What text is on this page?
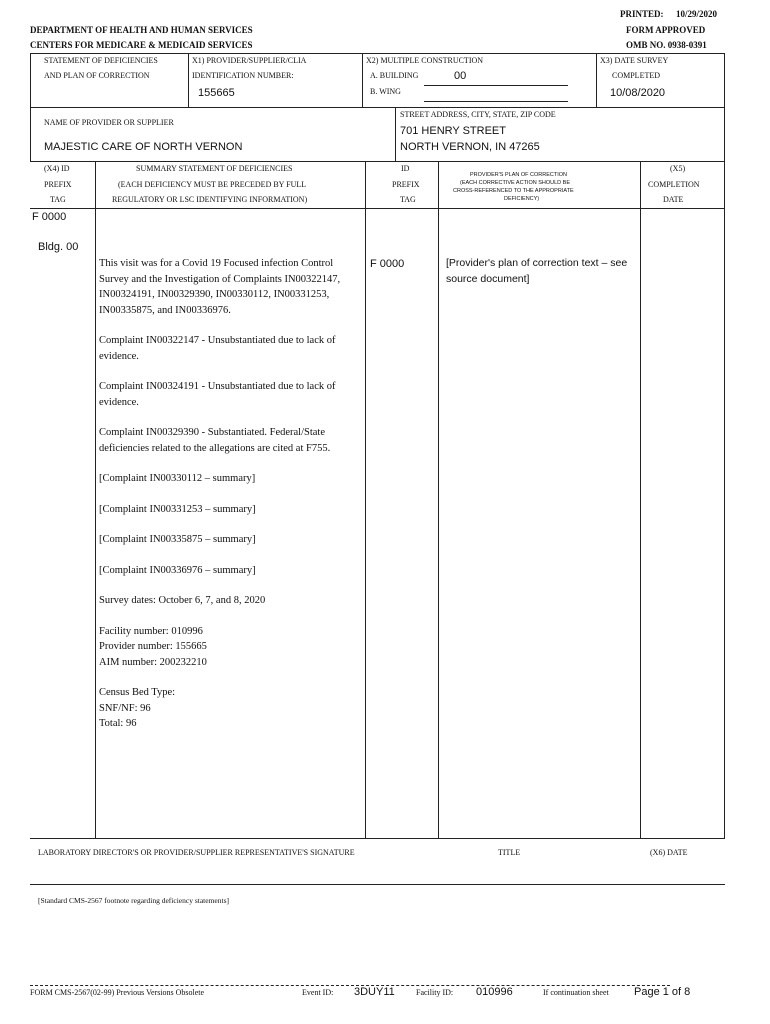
PRINTED: 10/29/2020
FORM APPROVED
OMB NO. 0938-0391
DEPARTMENT OF HEALTH AND HUMAN SERVICES
CENTERS FOR MEDICARE & MEDICAID SERVICES
STATEMENT OF DEFICIENCIES
AND PLAN OF CORRECTION
X1) PROVIDER/SUPPLIER/CLIA
IDENTIFICATION NUMBER:
155665
X2) MULTIPLE CONSTRUCTION
A. BUILDING	00
B. WING
X3) DATE SURVEY
COMPLETED
10/08/2020
NAME OF PROVIDER OR SUPPLIER
MAJESTIC CARE OF NORTH VERNON
STREET ADDRESS, CITY, STATE, ZIP CODE
701 HENRY STREET
NORTH VERNON, IN 47265
(X4) ID
PREFIX
TAG
SUMMARY STATEMENT OF DEFICIENCIES
(EACH DEFICIENCY MUST BE PRECEDED BY FULL
REGULATORY OR LSC IDENTIFYING INFORMATION)
ID
PREFIX
TAG
PROVIDER'S PLAN OF CORRECTION
(EACH CORRECTIVE ACTION SHOULD BE
CROSS-REFERENCED TO THE APPROPRIATE
DEFICIENCY)
(X5)
COMPLETION
DATE
F 0000
Bldg. 00
F 0000
This visit was for a Covid 19 Focused infection Control Survey and the Investigation of Complaints IN00322147, IN00324191, IN00329390, IN00330112, IN00331253, IN00335875, and IN00336976.
Complaint IN00322147 - Unsubstantiated due to lack of evidence.
Complaint IN00324191 - Unsubstantiated due to lack of evidence.
Complaint IN00329390 - Substantiated. Federal/State deficiencies related to the allegations are cited at F755.
[Complaint IN00330112 – summary]
[Complaint IN00331253 – summary]
[Complaint IN00335875 – summary]
[Complaint IN00336976 – summary]
Survey dates: October 6, 7, and 8, 2020
Facility number: 010996
Provider number: 155665
AIM number: 200232210
Census Bed Type:
SNF/NF: 96
Total: 96
[Provider's plan of correction text – see source document]
LABORATORY DIRECTOR'S OR PROVIDER/SUPPLIER REPRESENTATIVE'S SIGNATURE	TITLE	(X6) DATE
[Standard CMS-2567 footnote regarding deficiency statements]
FORM CMS-2567(02-99) Previous Versions Obsolete	Event ID: 3DUY11	Facility ID: 010996	If continuation sheet Page 1 of 8
